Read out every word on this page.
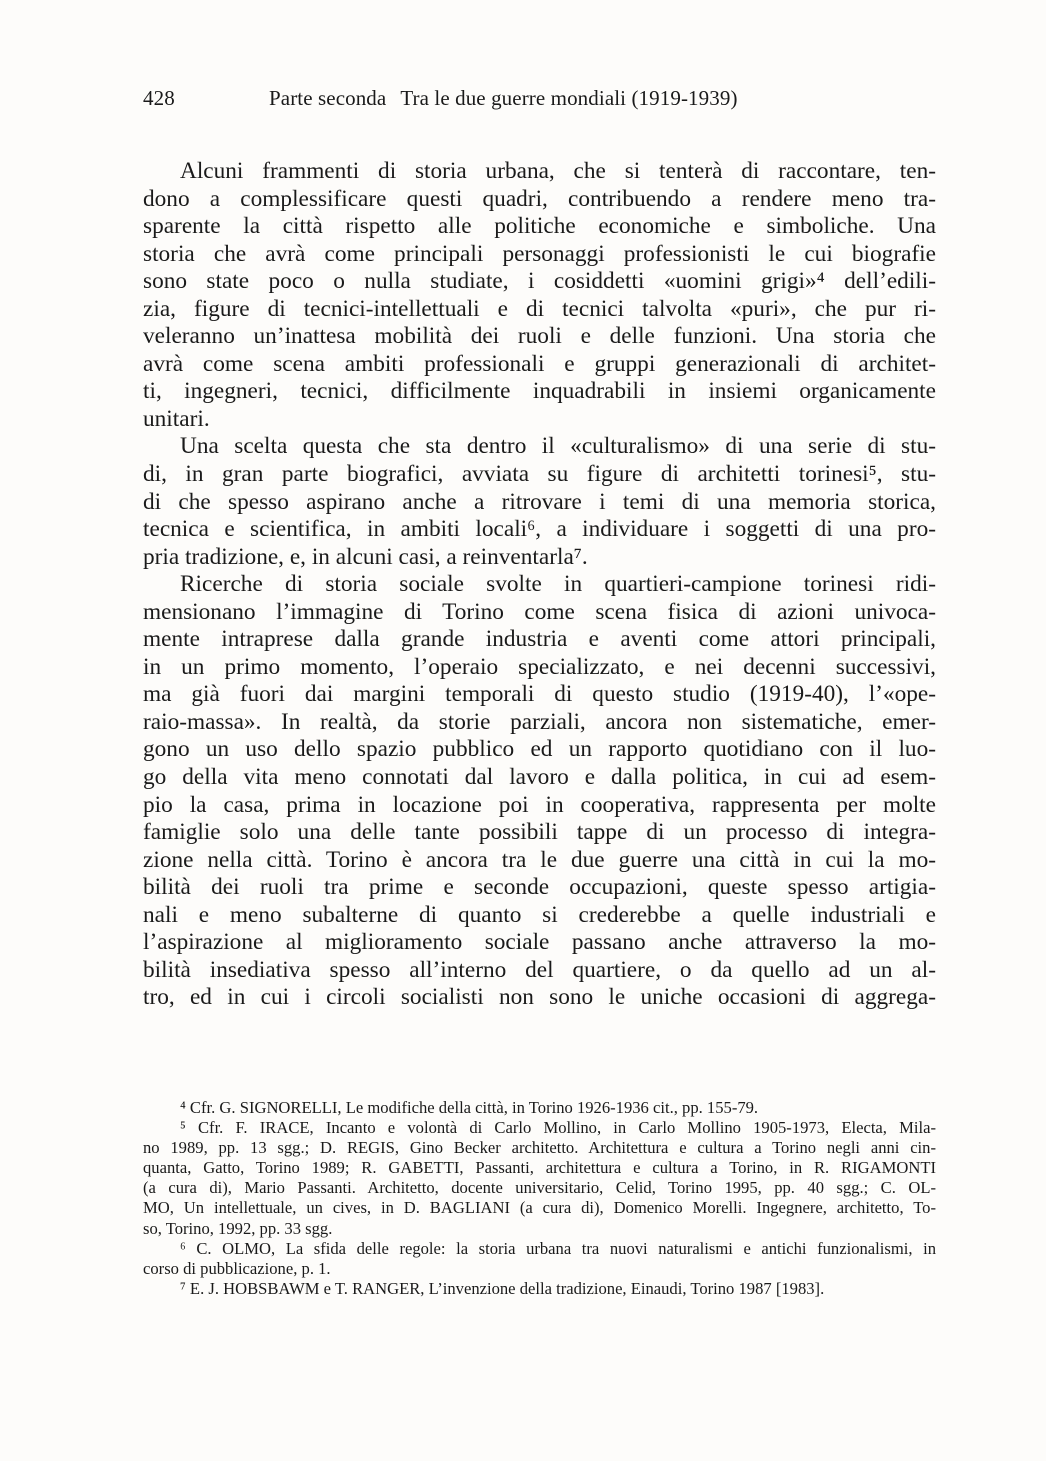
428	Parte seconda Tra le due guerre mondiali (1919-1939)
Alcuni frammenti di storia urbana, che si tenterà di raccontare, ten-
dono a complessificare questi quadri, contribuendo a rendere meno tra-
sparente la città rispetto alle politiche economiche e simboliche. Una
storia che avrà come principali personaggi professionisti le cui biografie
sono state poco o nulla studiate, i cosiddetti «uomini grigi»⁴ dell’edili-
zia, figure di tecnici-intellettuali e di tecnici talvolta «puri», che pur ri-
veleranno un’inattesa mobilità dei ruoli e delle funzioni. Una storia che
avrà come scena ambiti professionali e gruppi generazionali di architet-
ti, ingegneri, tecnici, difficilmente inquadrabili in insiemi organicamente
unitari.
Una scelta questa che sta dentro il «culturalismo» di una serie di stu-
di, in gran parte biografici, avviata su figure di architetti torinesi⁵, stu-
di che spesso aspirano anche a ritrovare i temi di una memoria storica,
tecnica e scientifica, in ambiti locali⁶, a individuare i soggetti di una pro-
pria tradizione, e, in alcuni casi, a reinventarla⁷.
Ricerche di storia sociale svolte in quartieri-campione torinesi ridi-
mensionano l’immagine di Torino come scena fisica di azioni univoca-
mente intraprese dalla grande industria e aventi come attori principali,
in un primo momento, l’operaio specializzato, e nei decenni successivi,
ma già fuori dai margini temporali di questo studio (1919-40), l’«ope-
raio-massa». In realtà, da storie parziali, ancora non sistematiche, emer-
gono un uso dello spazio pubblico ed un rapporto quotidiano con il luo-
go della vita meno connotati dal lavoro e dalla politica, in cui ad esem-
pio la casa, prima in locazione poi in cooperativa, rappresenta per molte
famiglie solo una delle tante possibili tappe di un processo di integra-
zione nella città. Torino è ancora tra le due guerre una città in cui la mo-
bilità dei ruoli tra prime e seconde occupazioni, queste spesso artigia-
nali e meno subalterne di quanto si crederebbe a quelle industriali e
l’aspirazione al miglioramento sociale passano anche attraverso la mo-
bilità insediativa spesso all’interno del quartiere, o da quello ad un al-
tro, ed in cui i circoli socialisti non sono le uniche occasioni di aggrega-
⁴ Cfr. G. SIGNORELLI, Le modifiche della città, in Torino 1926-1936 cit., pp. 155-79.
⁵ Cfr. F. IRACE, Incanto e volontà di Carlo Mollino, in Carlo Mollino 1905-1973, Electa, Mila-
no 1989, pp. 13 sgg.; D. REGIS, Gino Becker architetto. Architettura e cultura a Torino negli anni cin-
quanta, Gatto, Torino 1989; R. GABETTI, Passanti, architettura e cultura a Torino, in R. RIGAMONTI
(a cura di), Mario Passanti. Architetto, docente universitario, Celid, Torino 1995, pp. 40 sgg.; C. OL-
MO, Un intellettuale, un cives, in D. BAGLIANI (a cura di), Domenico Morelli. Ingegnere, architetto, To-
so, Torino, 1992, pp. 33 sgg.
⁶ C. OLMO, La sfida delle regole: la storia urbana tra nuovi naturalismi e antichi funzionalismi, in
corso di pubblicazione, p. 1.
⁷ E. J. HOBSBAWM e T. RANGER, L’invenzione della tradizione, Einaudi, Torino 1987 [1983].
